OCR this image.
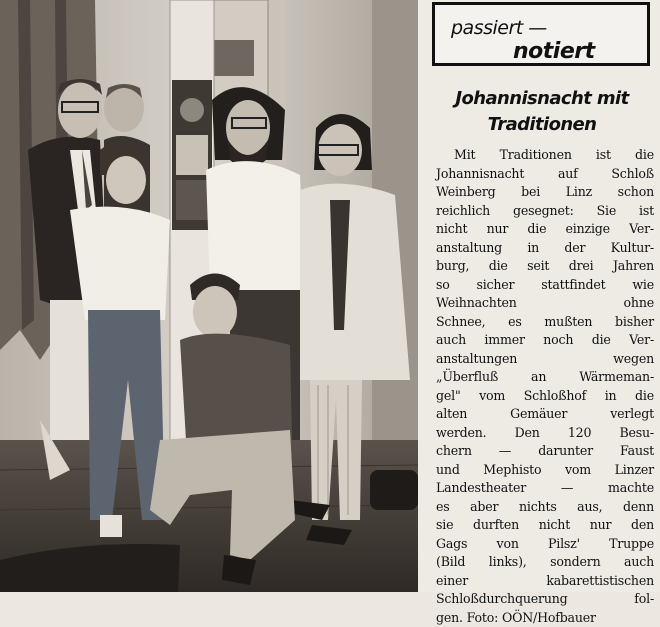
passiert —
notiert
Johannisnacht mit
Traditionen
Mit Traditionen ist die
Johannisnacht auf Schloß
Weinberg bei Linz schon
reichlich gesegnet: Sie ist
nicht nur die einzige Ver-
anstaltung in der Kultur-
burg, die seit drei Jahren
so sicher stattfindet wie
Weihnachten ohne
Schnee, es mußten bisher
auch immer noch die Ver-
anstaltungen wegen
„Überfluß an Wärmeman-
gel" vom Schloßhof in die
alten Gemäuer verlegt
werden. Den 120 Besu-
chern — darunter Faust
und Mephisto vom Linzer
Landestheater — machte
es aber nichts aus, denn
sie durften nicht nur den
Gags von Pilsz' Truppe
(Bild links), sondern auch
einer kabarettistischen
Schloßdurchquerung fol-
gen. Foto: OÖN/Hofbauer
